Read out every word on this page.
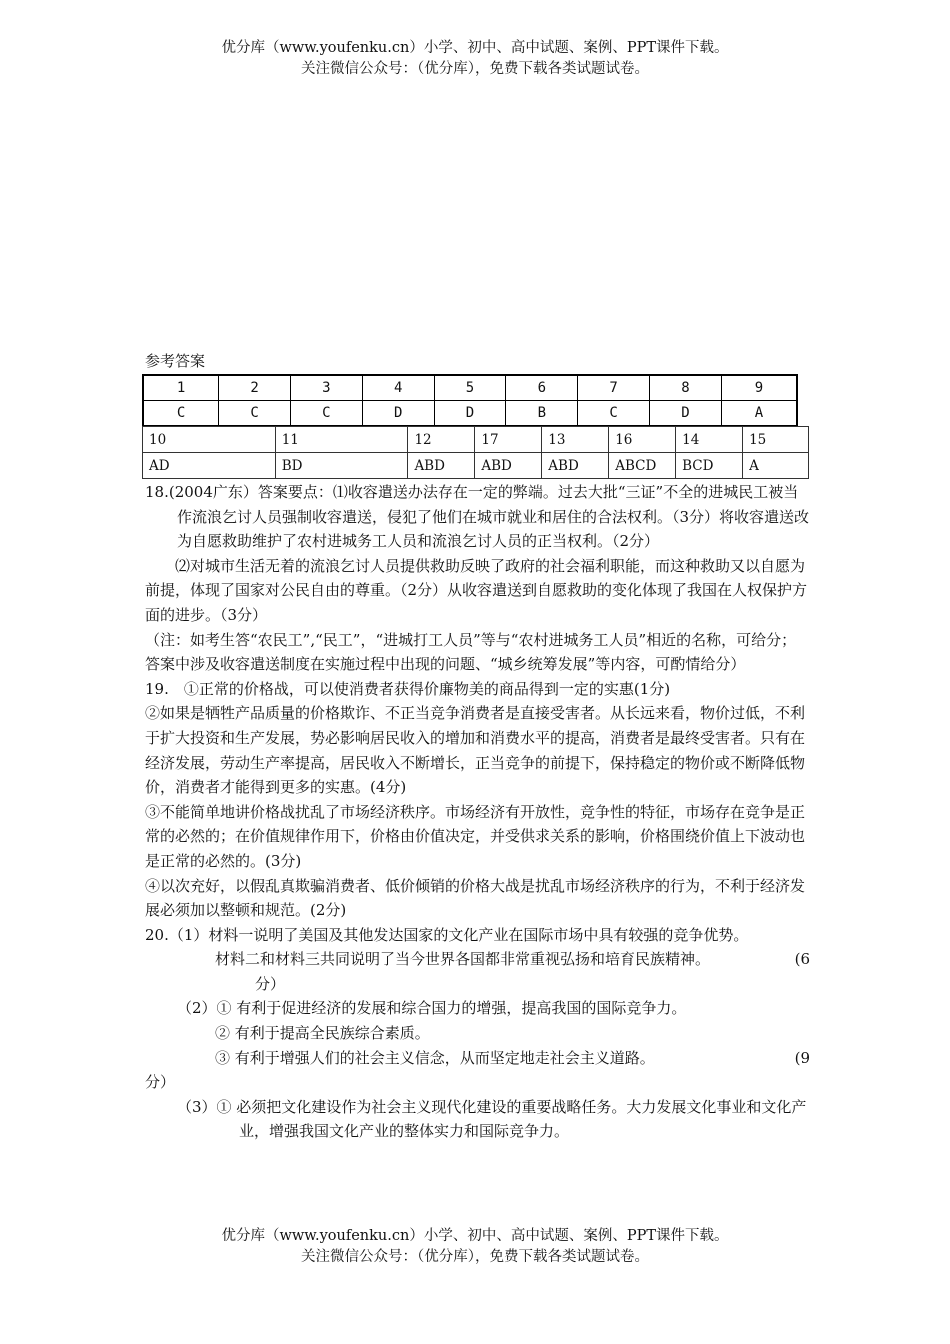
优分库（www.youfenku.cn）小学、初中、高中试题、案例、PPT课件下载。
关注微信公众号：（优分库），免费下载各类试题试卷。
参考答案
1	2	3	4	5	6	7	8	9
C	C	C	D	D	B	C	D	A
10	11	12	17	13	16	14	15
AD	BD	ABD	ABD	ABD	ABCD	BCD	A

18.(2004广东）答案要点：⑴收容遣送办法存在一定的弊端。过去大批“三证”不全的进城民工被当作流浪乞讨人员强制收容遣送，侵犯了他们在城市就业和居住的合法权利。（3分）将收容遣送改为自愿救助维护了农村进城务工人员和流浪乞讨人员的正当权利。（2分）

⑵对城市生活无着的流浪乞讨人员提供救助反映了政府的社会福利职能，而这种救助又以自愿为前提，体现了国家对公民自由的尊重。（2分）从收容遣送到自愿救助的变化体现了我国在人权保护方面的进步。（3分）

（注：如考生答“农民工”,“民工”，“进城打工人员”等与“农村进城务工人员”相近的名称，可给分；答案中涉及收容遣送制度在实施过程中出现的问题、“城乡统筹发展”等内容，可酌情给分）

19.　①正常的价格战，可以使消费者获得价廉物美的商品得到一定的实惠(1分)

②如果是牺牲产品质量的价格欺诈、不正当竞争消费者是直接受害者。从长远来看，物价过低，不利于扩大投资和生产发展，势必影响居民收入的增加和消费水平的提高，消费者是最终受害者。只有在经济发展，劳动生产率提高，居民收入不断增长，正当竞争的前提下，保持稳定的物价或不断降低物价，消费者才能得到更多的实惠。(4分)

③不能简单地讲价格战扰乱了市场经济秩序。市场经济有开放性，竞争性的特征，市场存在竞争是正常的必然的；在价值规律作用下，价格由价值决定，并受供求关系的影响，价格围绕价值上下波动也是正常的必然的。(3分)

④以次充好，以假乱真欺骗消费者、低价倾销的价格大战是扰乱市场经济秩序的行为，不利于经济发展必须加以整顿和规范。(2分)

20.（1）材料一说明了美国及其他发达国家的文化产业在国际市场中具有较强的竞争优势。

材料二和材料三共同说明了当今世界各国都非常重视弘扬和培育民族精神。	(6

分）

（2）① 有利于促进经济的发展和综合国力的增强，提高我国的国际竞争力。

② 有利于提高全民族综合素质。

③ 有利于增强人们的社会主义信念，从而坚定地走社会主义道路。	(9

分）

（3）① 必须把文化建设作为社会主义现代化建设的重要战略任务。大力发展文化事业和文化产业，增强我国文化产业的整体实力和国际竞争力。

优分库（www.youfenku.cn）小学、初中、高中试题、案例、PPT课件下载。
关注微信公众号：（优分库），免费下载各类试题试卷。
